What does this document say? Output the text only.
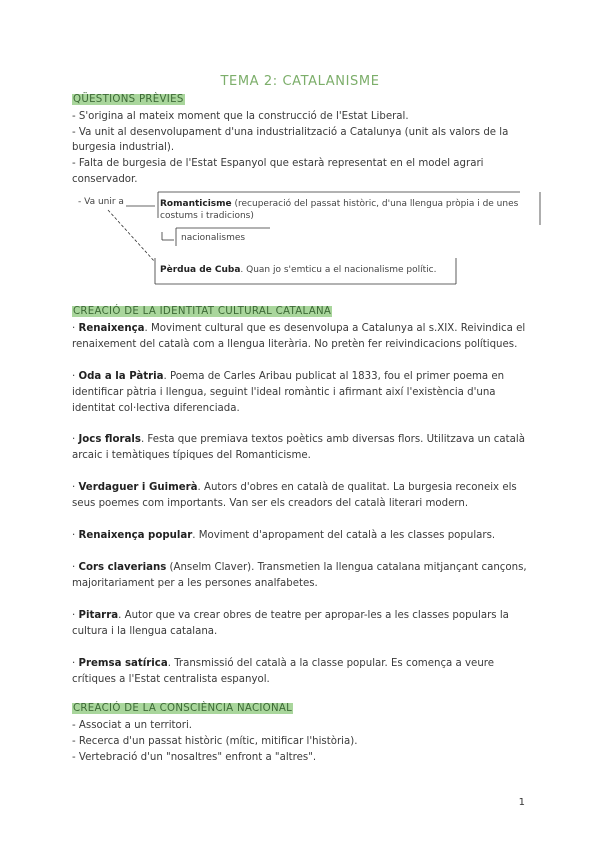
TEMA 2: CATALANISME
QÜESTIONS PRÈVIES
- S'origina al mateix moment que la construcció de l'Estat Liberal.
- Va unit al desenvolupament d'una industrialització a Catalunya (unit als valors de la
burgesia industrial).
- Falta de burgesia de l'Estat Espanyol que estarà representat en el model agrari
conservador.
- Va unir a	Romanticisme (recuperació del passat històric, d'una llengua pròpia i de unes
costums i tradicions)
nacionalismes
Pèrdua de Cuba. Quan jo s'emticu a el nacionalisme polític.
CREACIÓ DE LA IDENTITAT CULTURAL CATALANA
· Renaixença. Moviment cultural que es desenvolupa a Catalunya al s.XIX. Reivindica el
renaixement del català com a llengua literària. No pretèn fer reivindicacions polítiques.
· Oda a la Pàtria. Poema de Carles Aribau publicat al 1833, fou el primer poema en
identificar pàtria i llengua, seguint l'ideal romàntic i afirmant així l'existència d'una
identitat col·lectiva diferenciada.
· Jocs florals. Festa que premiava textos poètics amb diversas flors. Utilitzava un català
arcaic i temàtiques típiques del Romanticisme.
· Verdaguer i Guimerà. Autors d'obres en català de qualitat. La burgesia reconeix els
seus poemes com importants. Van ser els creadors del català literari modern.
· Renaixença popular. Moviment d'apropament del català a les classes populars.
· Cors claverians (Anselm Claver). Transmetien la llengua catalana mitjançant cançons,
majoritariament per a les persones analfabetes.
· Pitarra. Autor que va crear obres de teatre per apropar-les a les classes populars la
cultura i la llengua catalana.
· Premsa satírica. Transmissió del català a la classe popular. Es comença a veure
crítiques a l'Estat centralista espanyol.
CREACIÓ DE LA CONSCIÈNCIA NACIONAL
- Associat a un territori.
- Recerca d'un passat històric (mític, mitificar l'història).
- Vertebració d'un "nosaltres" enfront a "altres".
1
